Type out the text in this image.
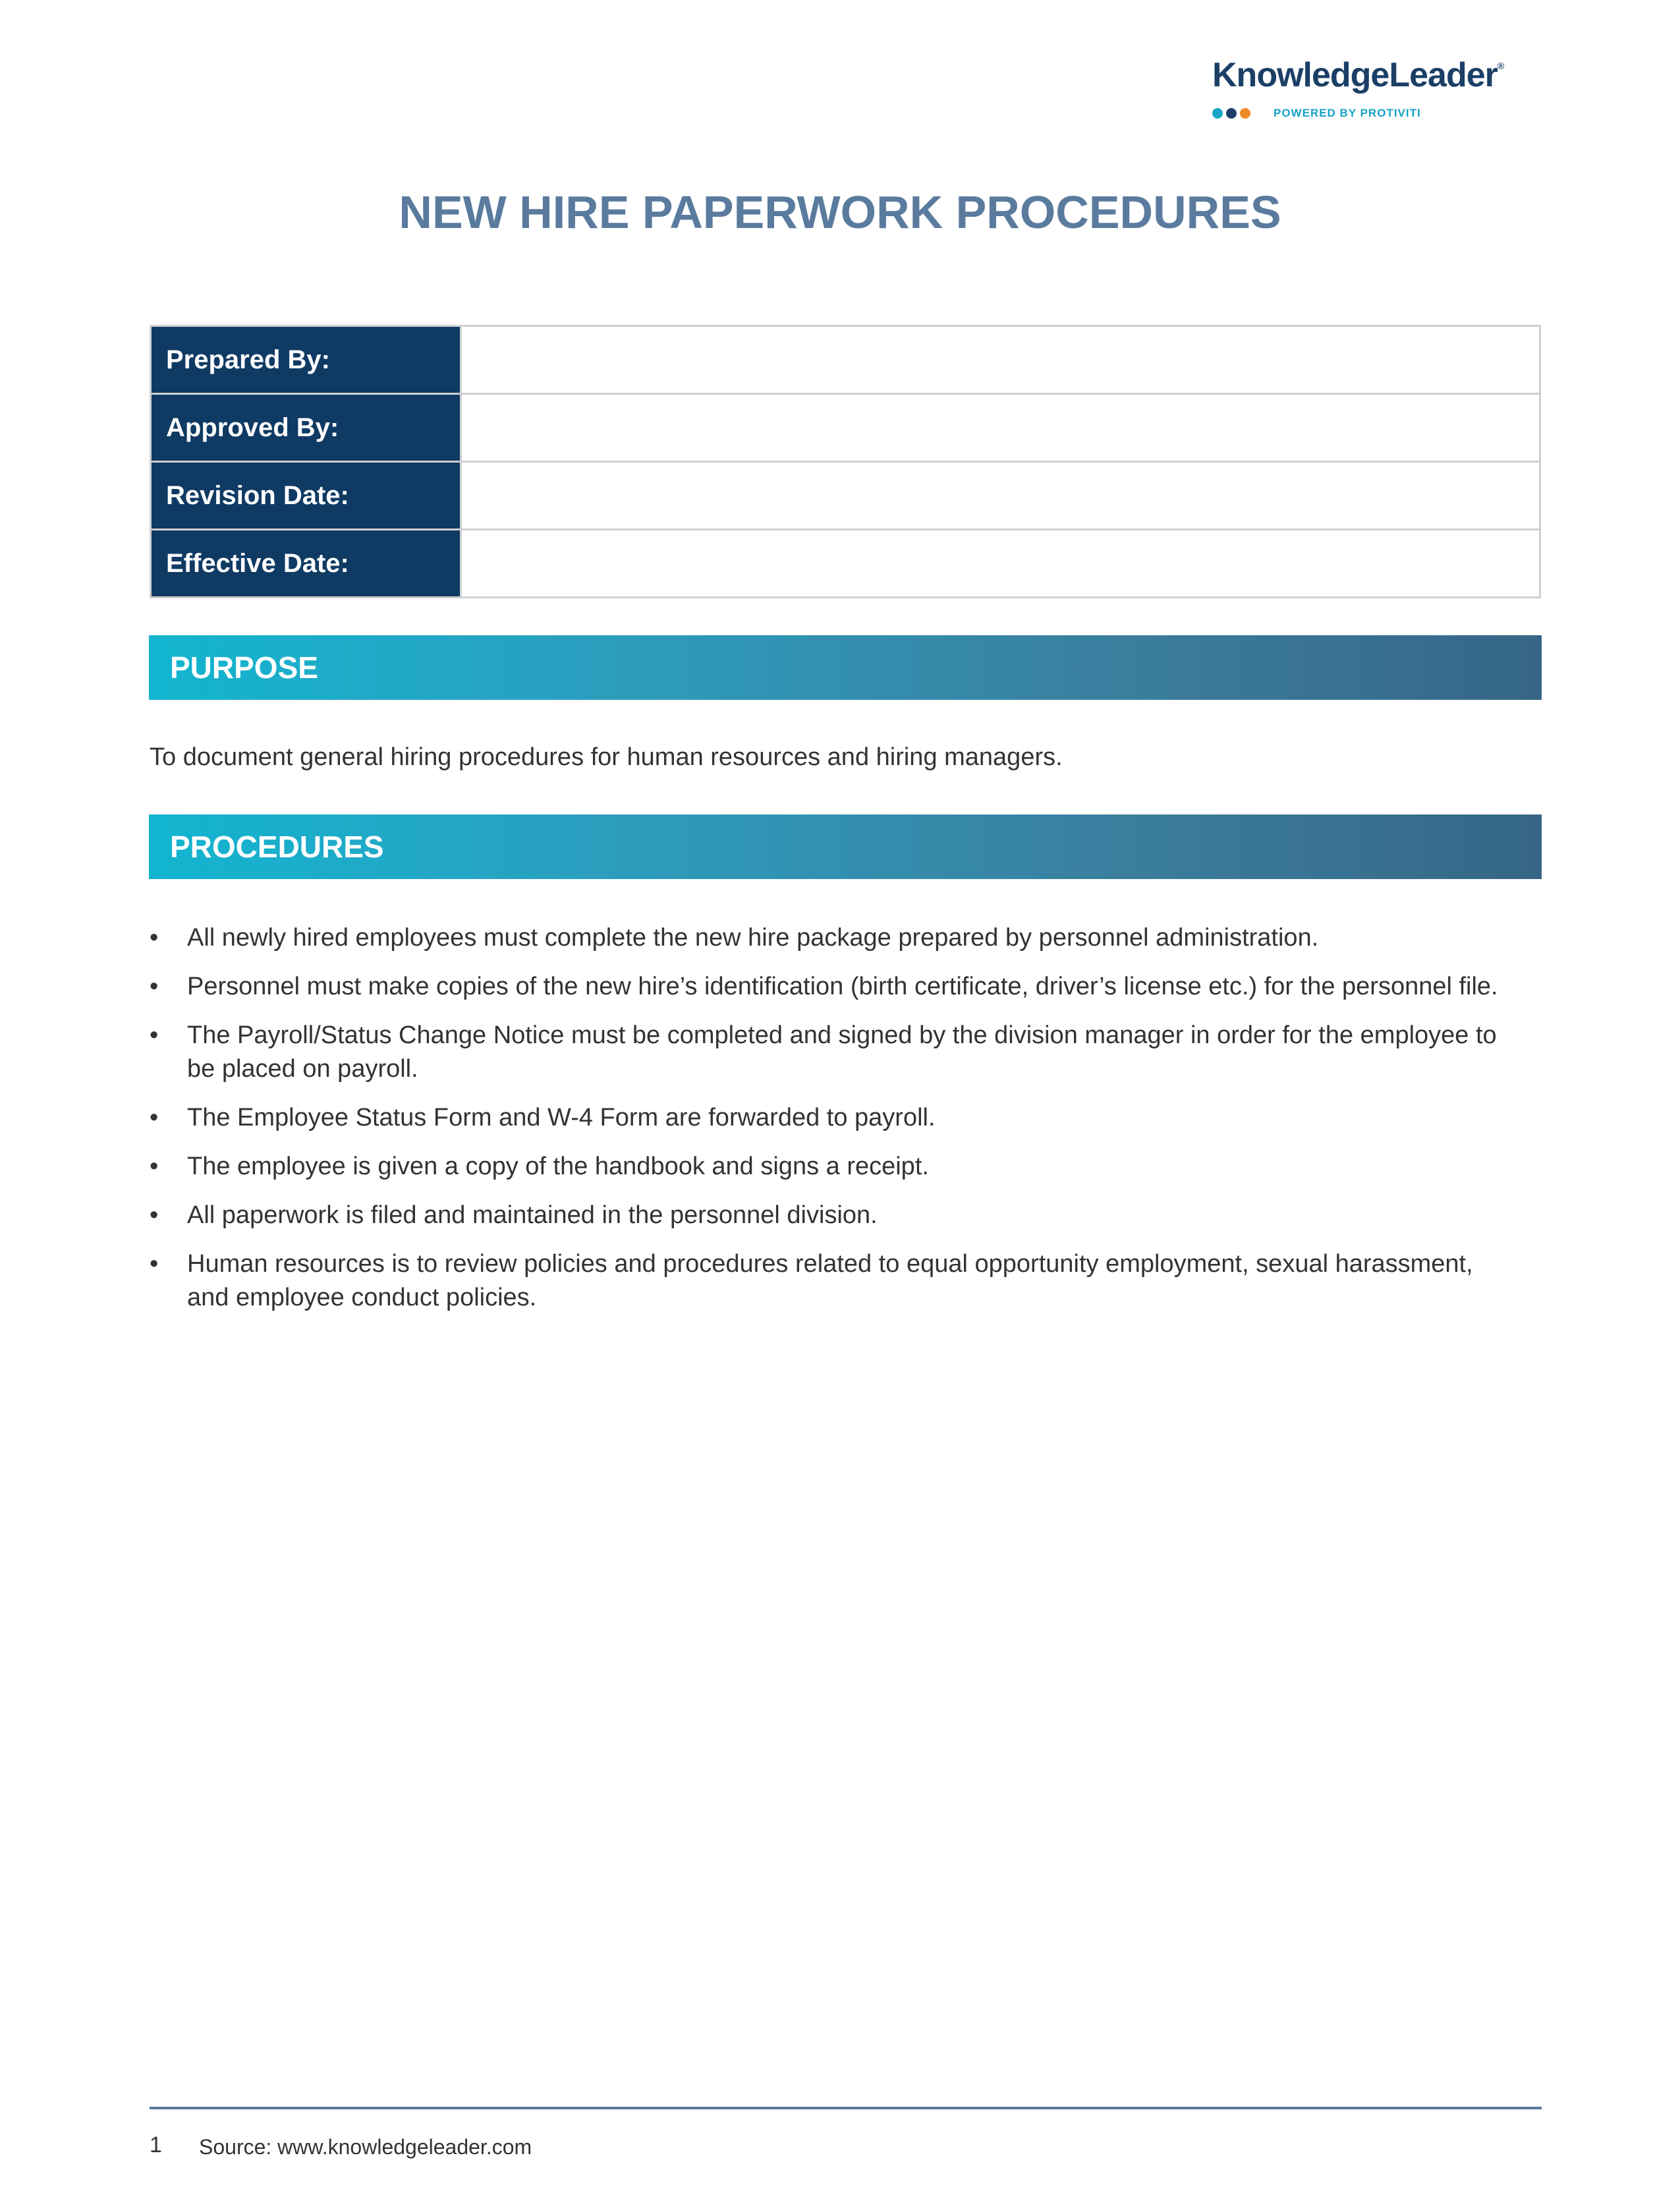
KnowledgeLeader®
POWERED BY PROTIVITI
NEW HIRE PAPERWORK PROCEDURES
Prepared By:	
Approved By:	
Revision Date:	
Effective Date:	
PURPOSE
To document general hiring procedures for human resources and hiring managers.
PROCEDURES
• All newly hired employees must complete the new hire package prepared by personnel administration.
• Personnel must make copies of the new hire’s identification (birth certificate, driver’s license etc.) for the personnel file.
• The Payroll/Status Change Notice must be completed and signed by the division manager in order for the employee to be placed on payroll.
• The Employee Status Form and W-4 Form are forwarded to payroll.
• The employee is given a copy of the handbook and signs a receipt.
• All paperwork is filed and maintained in the personnel division.
• Human resources is to review policies and procedures related to equal opportunity employment, sexual harassment, and employee conduct policies.
1 Source: www.knowledgeleader.com
